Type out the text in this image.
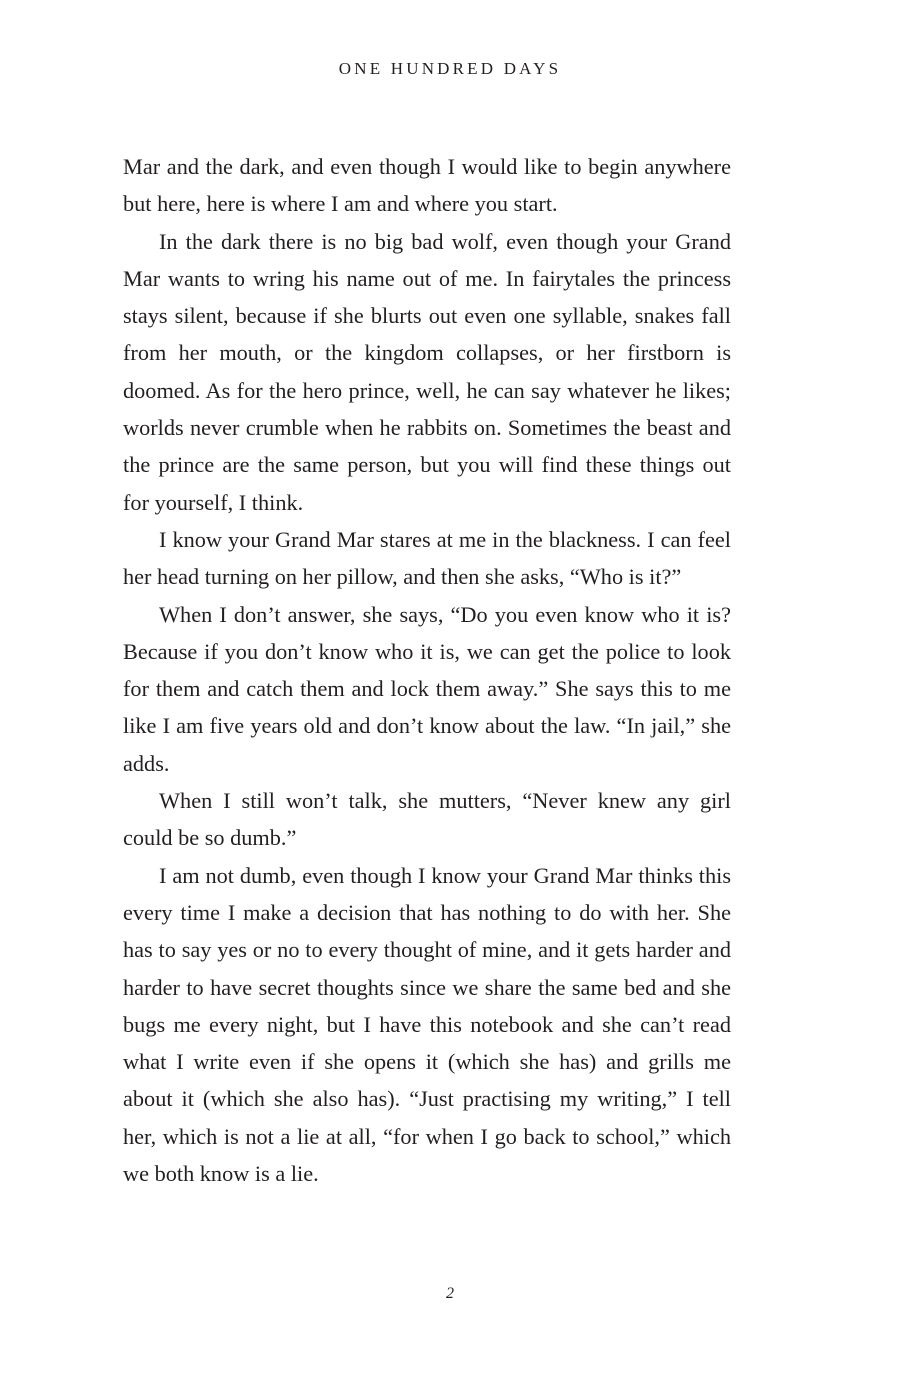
ONE HUNDRED DAYS

Mar and the dark, and even though I would like to begin anywhere but here, here is where I am and where you start.

In the dark there is no big bad wolf, even though your Grand Mar wants to wring his name out of me. In fairytales the princess stays silent, because if she blurts out even one syllable, snakes fall from her mouth, or the kingdom collapses, or her firstborn is doomed. As for the hero prince, well, he can say whatever he likes; worlds never crumble when he rabbits on. Sometimes the beast and the prince are the same person, but you will find these things out for yourself, I think.

I know your Grand Mar stares at me in the blackness. I can feel her head turning on her pillow, and then she asks, “Who is it?”

When I don’t answer, she says, “Do you even know who it is? Because if you don’t know who it is, we can get the police to look for them and catch them and lock them away.” She says this to me like I am five years old and don’t know about the law. “In jail,” she adds.

When I still won’t talk, she mutters, “Never knew any girl could be so dumb.”

I am not dumb, even though I know your Grand Mar thinks this every time I make a decision that has nothing to do with her. She has to say yes or no to every thought of mine, and it gets harder and harder to have secret thoughts since we share the same bed and she bugs me every night, but I have this notebook and she can’t read what I write even if she opens it (which she has) and grills me about it (which she also has). “Just practising my writing,” I tell her, which is not a lie at all, “for when I go back to school,” which we both know is a lie.

2
